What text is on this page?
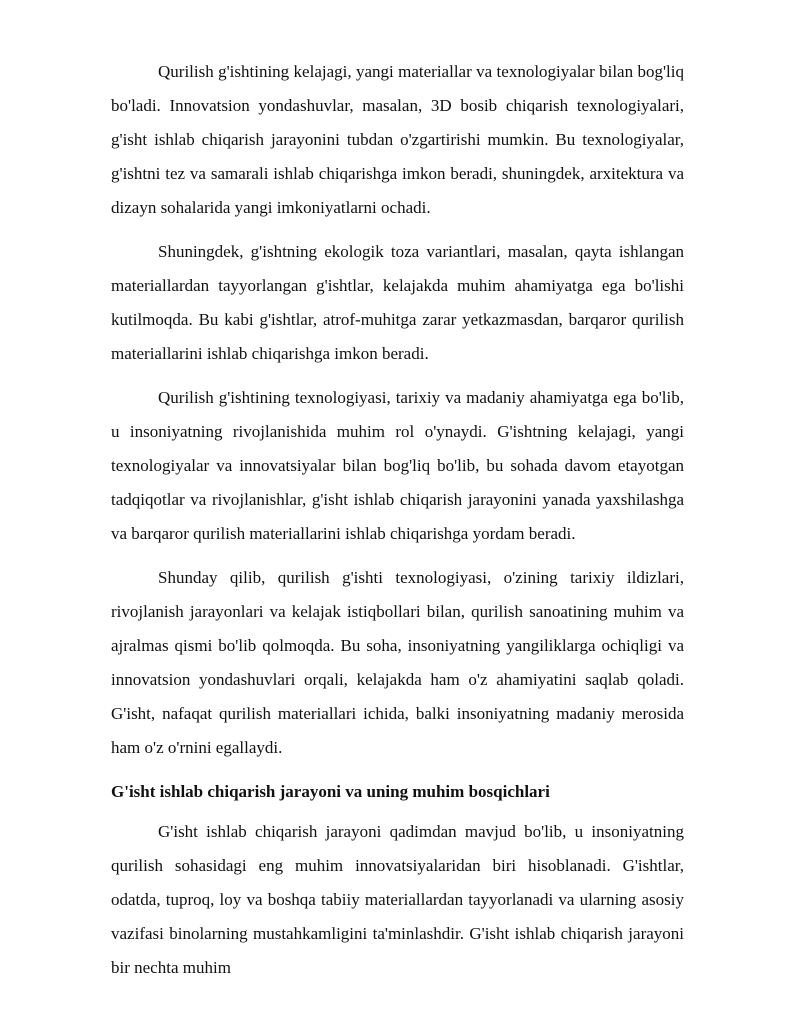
Qurilish g'ishtining kelajagi, yangi materiallar va texnologiyalar bilan bog'liq bo'ladi. Innovatsion yondashuvlar, masalan, 3D bosib chiqarish texnologiyalari, g'isht ishlab chiqarish jarayonini tubdan o'zgartirishi mumkin. Bu texnologiyalar, g'ishtni tez va samarali ishlab chiqarishga imkon beradi, shuningdek, arxitektura va dizayn sohalarida yangi imkoniyatlarni ochadi.

Shuningdek, g'ishtning ekologik toza variantlari, masalan, qayta ishlangan materiallardan tayyorlangan g'ishtlar, kelajakda muhim ahamiyatga ega bo'lishi kutilmoqda. Bu kabi g'ishtlar, atrof-muhitga zarar yetkazmasdan, barqaror qurilish materiallarini ishlab chiqarishga imkon beradi.

Qurilish g'ishtining texnologiyasi, tarixiy va madaniy ahamiyatga ega bo'lib, u insoniyatning rivojlanishida muhim rol o'ynaydi. G'ishtning kelajagi, yangi texnologiyalar va innovatsiyalar bilan bog'liq bo'lib, bu sohada davom etayotgan tadqiqotlar va rivojlanishlar, g'isht ishlab chiqarish jarayonini yanada yaxshilashga va barqaror qurilish materiallarini ishlab chiqarishga yordam beradi.

Shunday qilib, qurilish g'ishti texnologiyasi, o'zining tarixiy ildizlari, rivojlanish jarayonlari va kelajak istiqbollari bilan, qurilish sanoatining muhim va ajralmas qismi bo'lib qolmoqda. Bu soha, insoniyatning yangiliklarga ochiqligi va innovatsion yondashuvlari orqali, kelajakda ham o'z ahamiyatini saqlab qoladi. G'isht, nafaqat qurilish materiallari ichida, balki insoniyatning madaniy merosida ham o'z o'rnini egallaydi.

G'isht ishlab chiqarish jarayoni va uning muhim bosqichlari

G'isht ishlab chiqarish jarayoni qadimdan mavjud bo'lib, u insoniyatning qurilish sohasidagi eng muhim innovatsiyalaridan biri hisoblanadi. G'ishtlar, odatda, tuproq, loy va boshqa tabiiy materiallardan tayyorlanadi va ularning asosiy vazifasi binolarning mustahkamligini ta'minlashdir. G'isht ishlab chiqarish jarayoni bir nechta muhim
